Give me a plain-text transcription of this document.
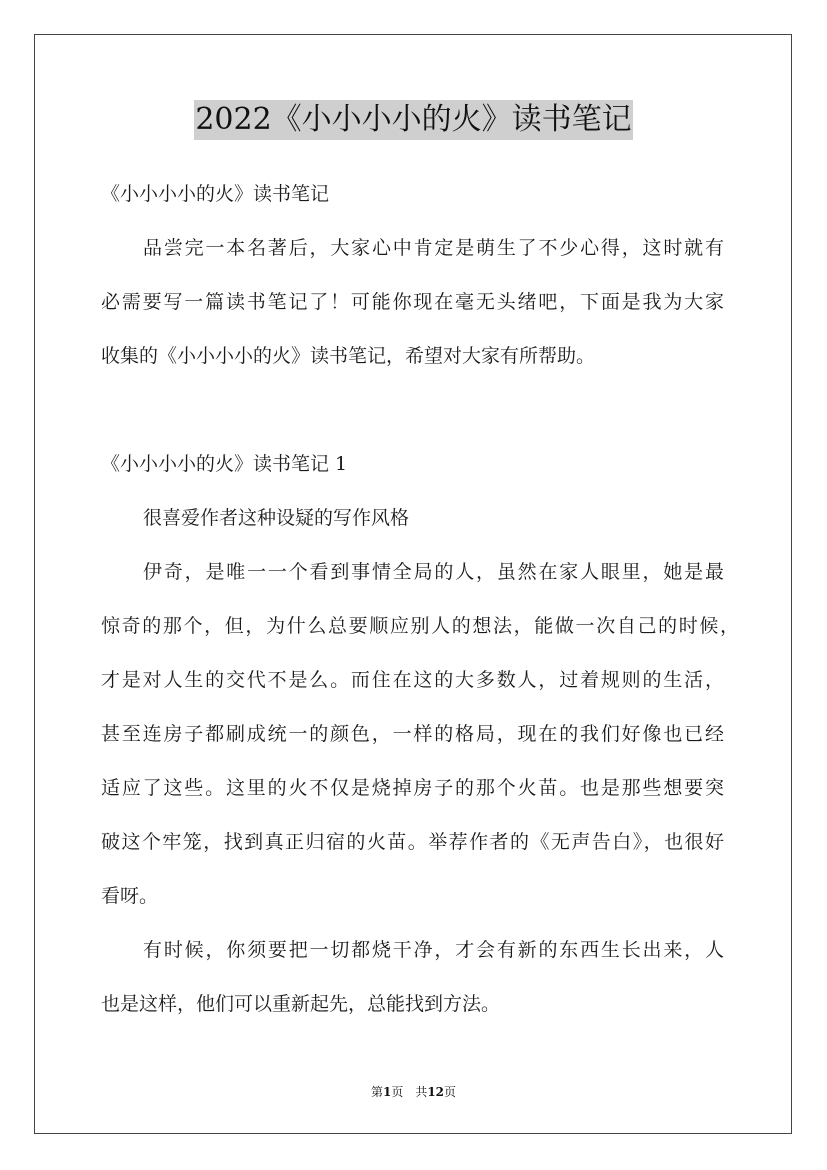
2022《小小小小的火》读书笔记
《小小小小的火》读书笔记
品尝完一本名著后，大家心中肯定是萌生了不少心得，这时就有
必需要写一篇读书笔记了！可能你现在毫无头绪吧，下面是我为大家
收集的《小小小小的火》读书笔记，希望对大家有所帮助。
《小小小小的火》读书笔记 1
很喜爱作者这种设疑的写作风格
伊奇，是唯一一个看到事情全局的人，虽然在家人眼里，她是最
惊奇的那个，但，为什么总要顺应别人的想法，能做一次自己的时候，
才是对人生的交代不是么。而住在这的大多数人，过着规则的生活，
甚至连房子都刷成统一的颜色，一样的格局，现在的我们好像也已经
适应了这些。这里的火不仅是烧掉房子的那个火苗。也是那些想要突
破这个牢笼，找到真正归宿的火苗。举荐作者的《无声告白》，也很好
看呀。
有时候，你须要把一切都烧干净，才会有新的东西生长出来，人
也是这样，他们可以重新起先，总能找到方法。
第1页　共12页
